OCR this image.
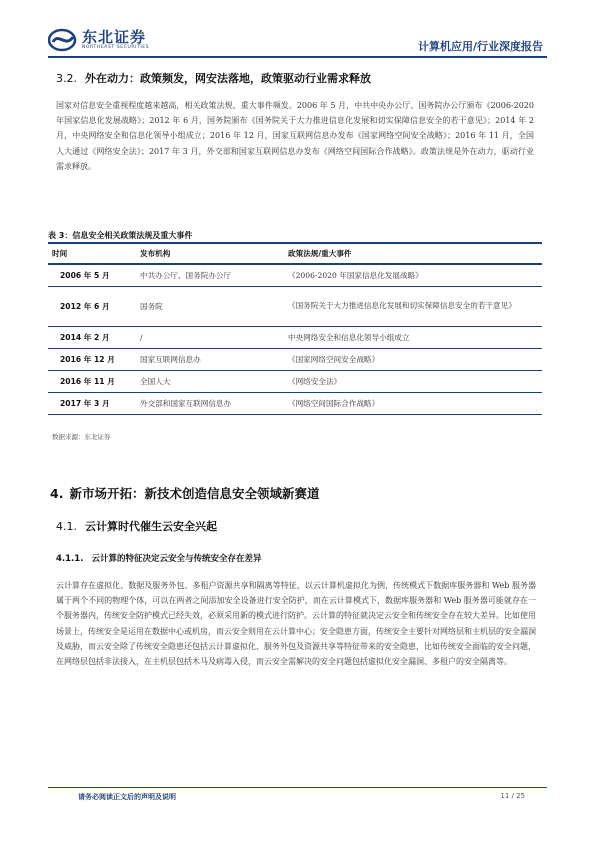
东北证券
NORTHEAST SECURITIES	计算机应用/行业深度报告
3.2. 外在动力：政策频发，网安法落地，政策驱动行业需求释放
国家对信息安全重视程度越来越高，相关政策法规、重大事件频发。2006 年 5 月，中共中央办公厅、国务院办公厅颁布《2006-2020 年国家信息化发展战略》；2012 年 6 月，国务院颁布《国务院关于大力推进信息化发展和切实保障信息安全的若干意见》；2014 年 2 月，中央网络安全和信息化领导小组成立；2016 年 12 月，国家互联网信息办发布《国家网络空间安全战略》；2016 年 11 月，全国人大通过《网络安全法》；2017 年 3 月，外交部和国家互联网信息办发布《网络空间国际合作战略》。政策法规是外在动力，驱动行业需求释放。
表 3：信息安全相关政策法规及重大事件
时间	发布机构	政策法规/重大事件
2006 年 5 月	中共办公厅、国务院办公厅	《2006-2020 年国家信息化发展战略》
2012 年 6 月	国务院	《国务院关于大力推进信息化发展和切实保障信息安全的若干意见》
2014 年 2 月	/	中央网络安全和信息化领导小组成立
2016 年 12 月	国家互联网信息办	《国家网络空间安全战略》
2016 年 11 月	全国人大	《网络安全法》
2017 年 3 月	外交部和国家互联网信息办	《网络空间国际合作战略》
数据来源：东北证券
4. 新市场开拓：新技术创造信息安全领域新赛道
4.1. 云计算时代催生云安全兴起
4.1.1. 云计算的特征决定云安全与传统安全存在差异
云计算存在虚拟化、数据及服务外包、多租户资源共享和隔离等特征，以云计算机虚拟化为例，传统模式下数据库服务器和 Web 服务器属于两个不同的物理个体，可以在两者之间添加安全设备进行安全防护，而在云计算模式下，数据库服务器和 Web 服务器可能就存在一个服务器内，传统安全防护模式已经失效，必须采用新的模式进行防护。云计算的特征就决定云安全和传统安全存在较大差异。比如使用场景上，传统安全是运用在数据中心或机房，而云安全则用在云计算中心；安全隐患方面，传统安全主要针对网络层和主机层的安全漏洞及威胁，而云安全除了传统安全隐患还包括云计算虚拟化、服务外包及资源共享等特征带来的安全隐患，比如传统安全面临的安全问题，在网络层包括非法接入，在主机层包括木马及病毒入侵，而云安全需解决的安全问题包括虚拟化安全漏洞、多租户的安全隔离等。
请务必阅读正文后的声明及说明	11 / 25
